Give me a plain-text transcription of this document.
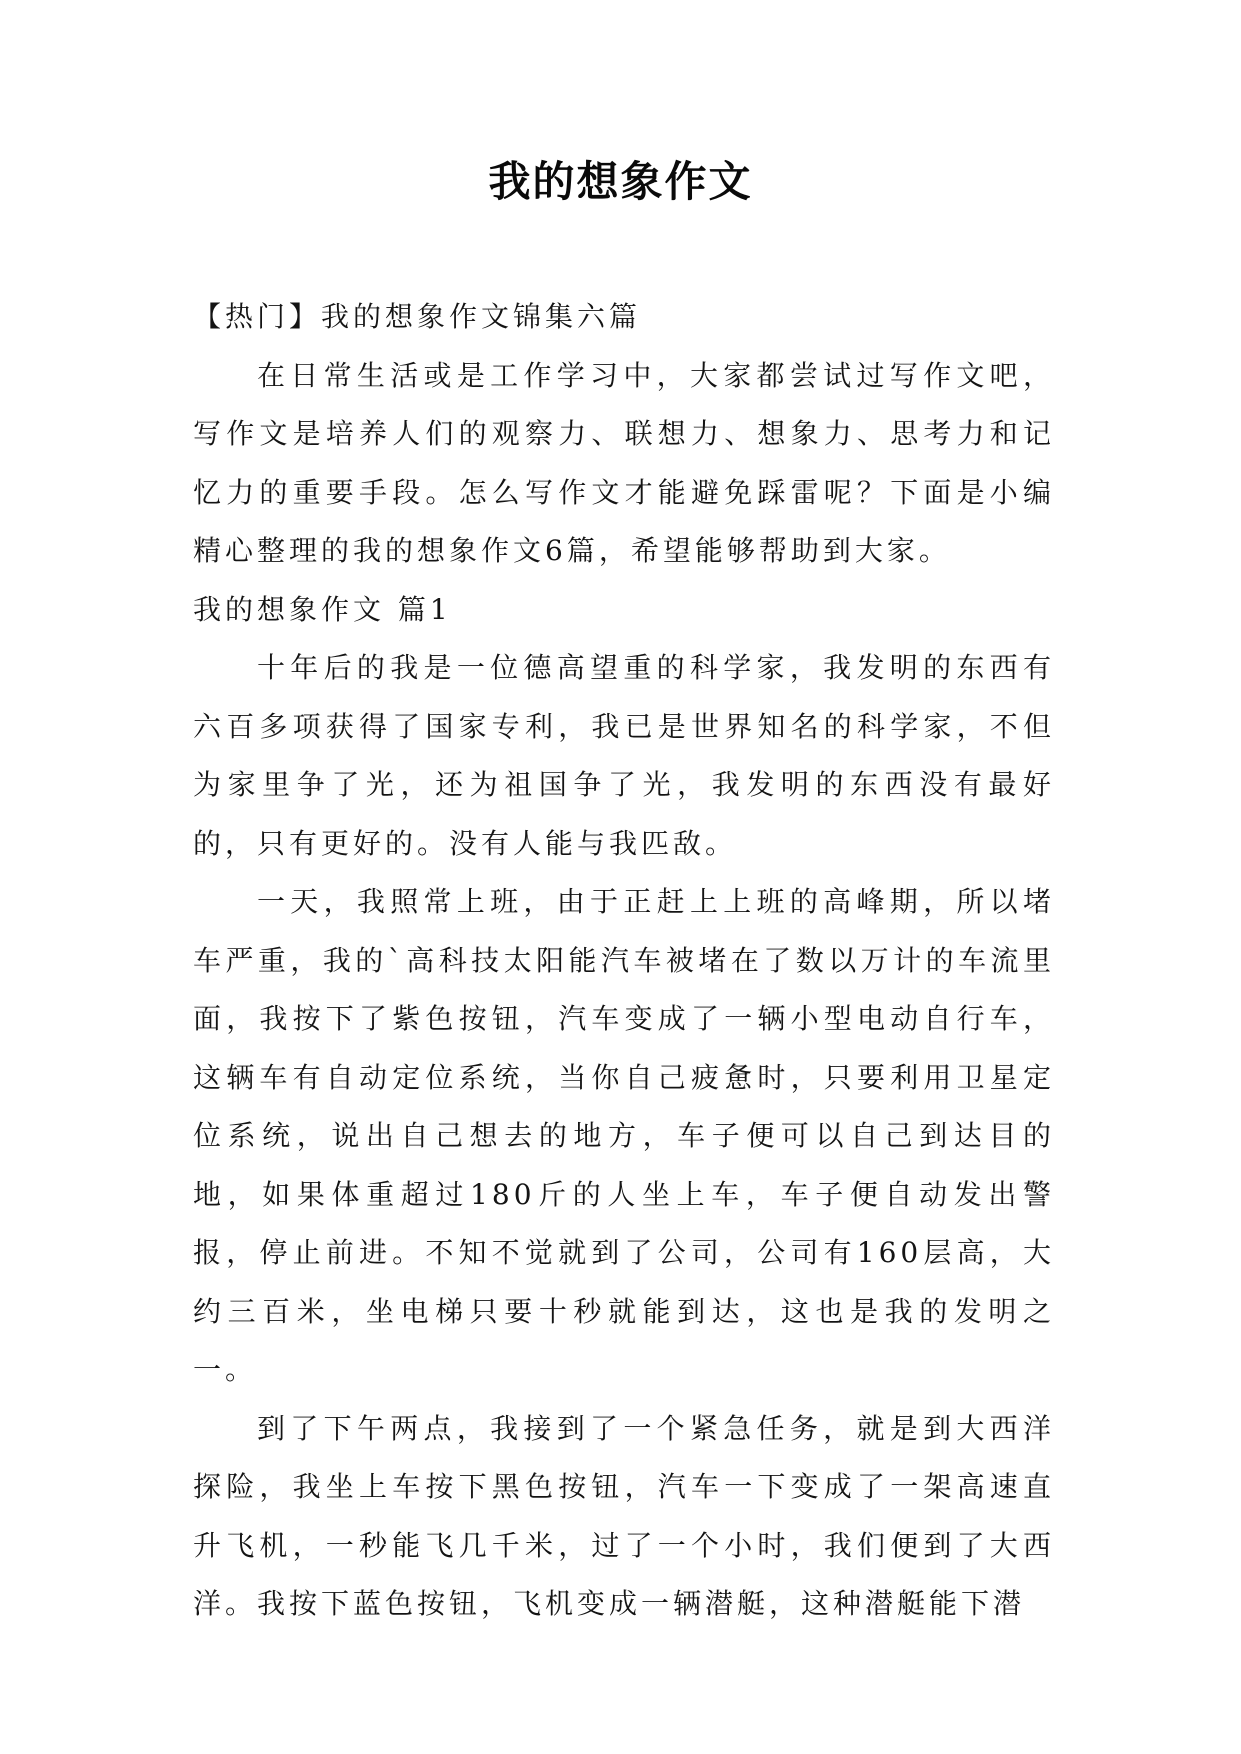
我的想象作文

【热门】我的想象作文锦集六篇

在日常生活或是工作学习中，大家都尝试过写作文吧，写作文是培养人们的观察力、联想力、想象力、思考力和记忆力的重要手段。怎么写作文才能避免踩雷呢？下面是小编精心整理的我的想象作文6篇，希望能够帮助到大家。

我的想象作文 篇1

十年后的我是一位德高望重的科学家，我发明的东西有六百多项获得了国家专利，我已是世界知名的科学家，不但为家里争了光，还为祖国争了光，我发明的东西没有最好的，只有更好的。没有人能与我匹敌。

一天，我照常上班，由于正赶上上班的高峰期，所以堵车严重，我的`高科技太阳能汽车被堵在了数以万计的车流里面，我按下了紫色按钮，汽车变成了一辆小型电动自行车，这辆车有自动定位系统，当你自己疲惫时，只要利用卫星定位系统，说出自己想去的地方，车子便可以自己到达目的地，如果体重超过180斤的人坐上车，车子便自动发出警报，停止前进。不知不觉就到了公司，公司有160层高，大约三百米，坐电梯只要十秒就能到达，这也是我的发明之一。

到了下午两点，我接到了一个紧急任务，就是到大西洋探险，我坐上车按下黑色按钮，汽车一下变成了一架高速直升飞机，一秒能飞几千米，过了一个小时，我们便到了大西洋。我按下蓝色按钮，飞机变成一辆潜艇，这种潜艇能下潜
